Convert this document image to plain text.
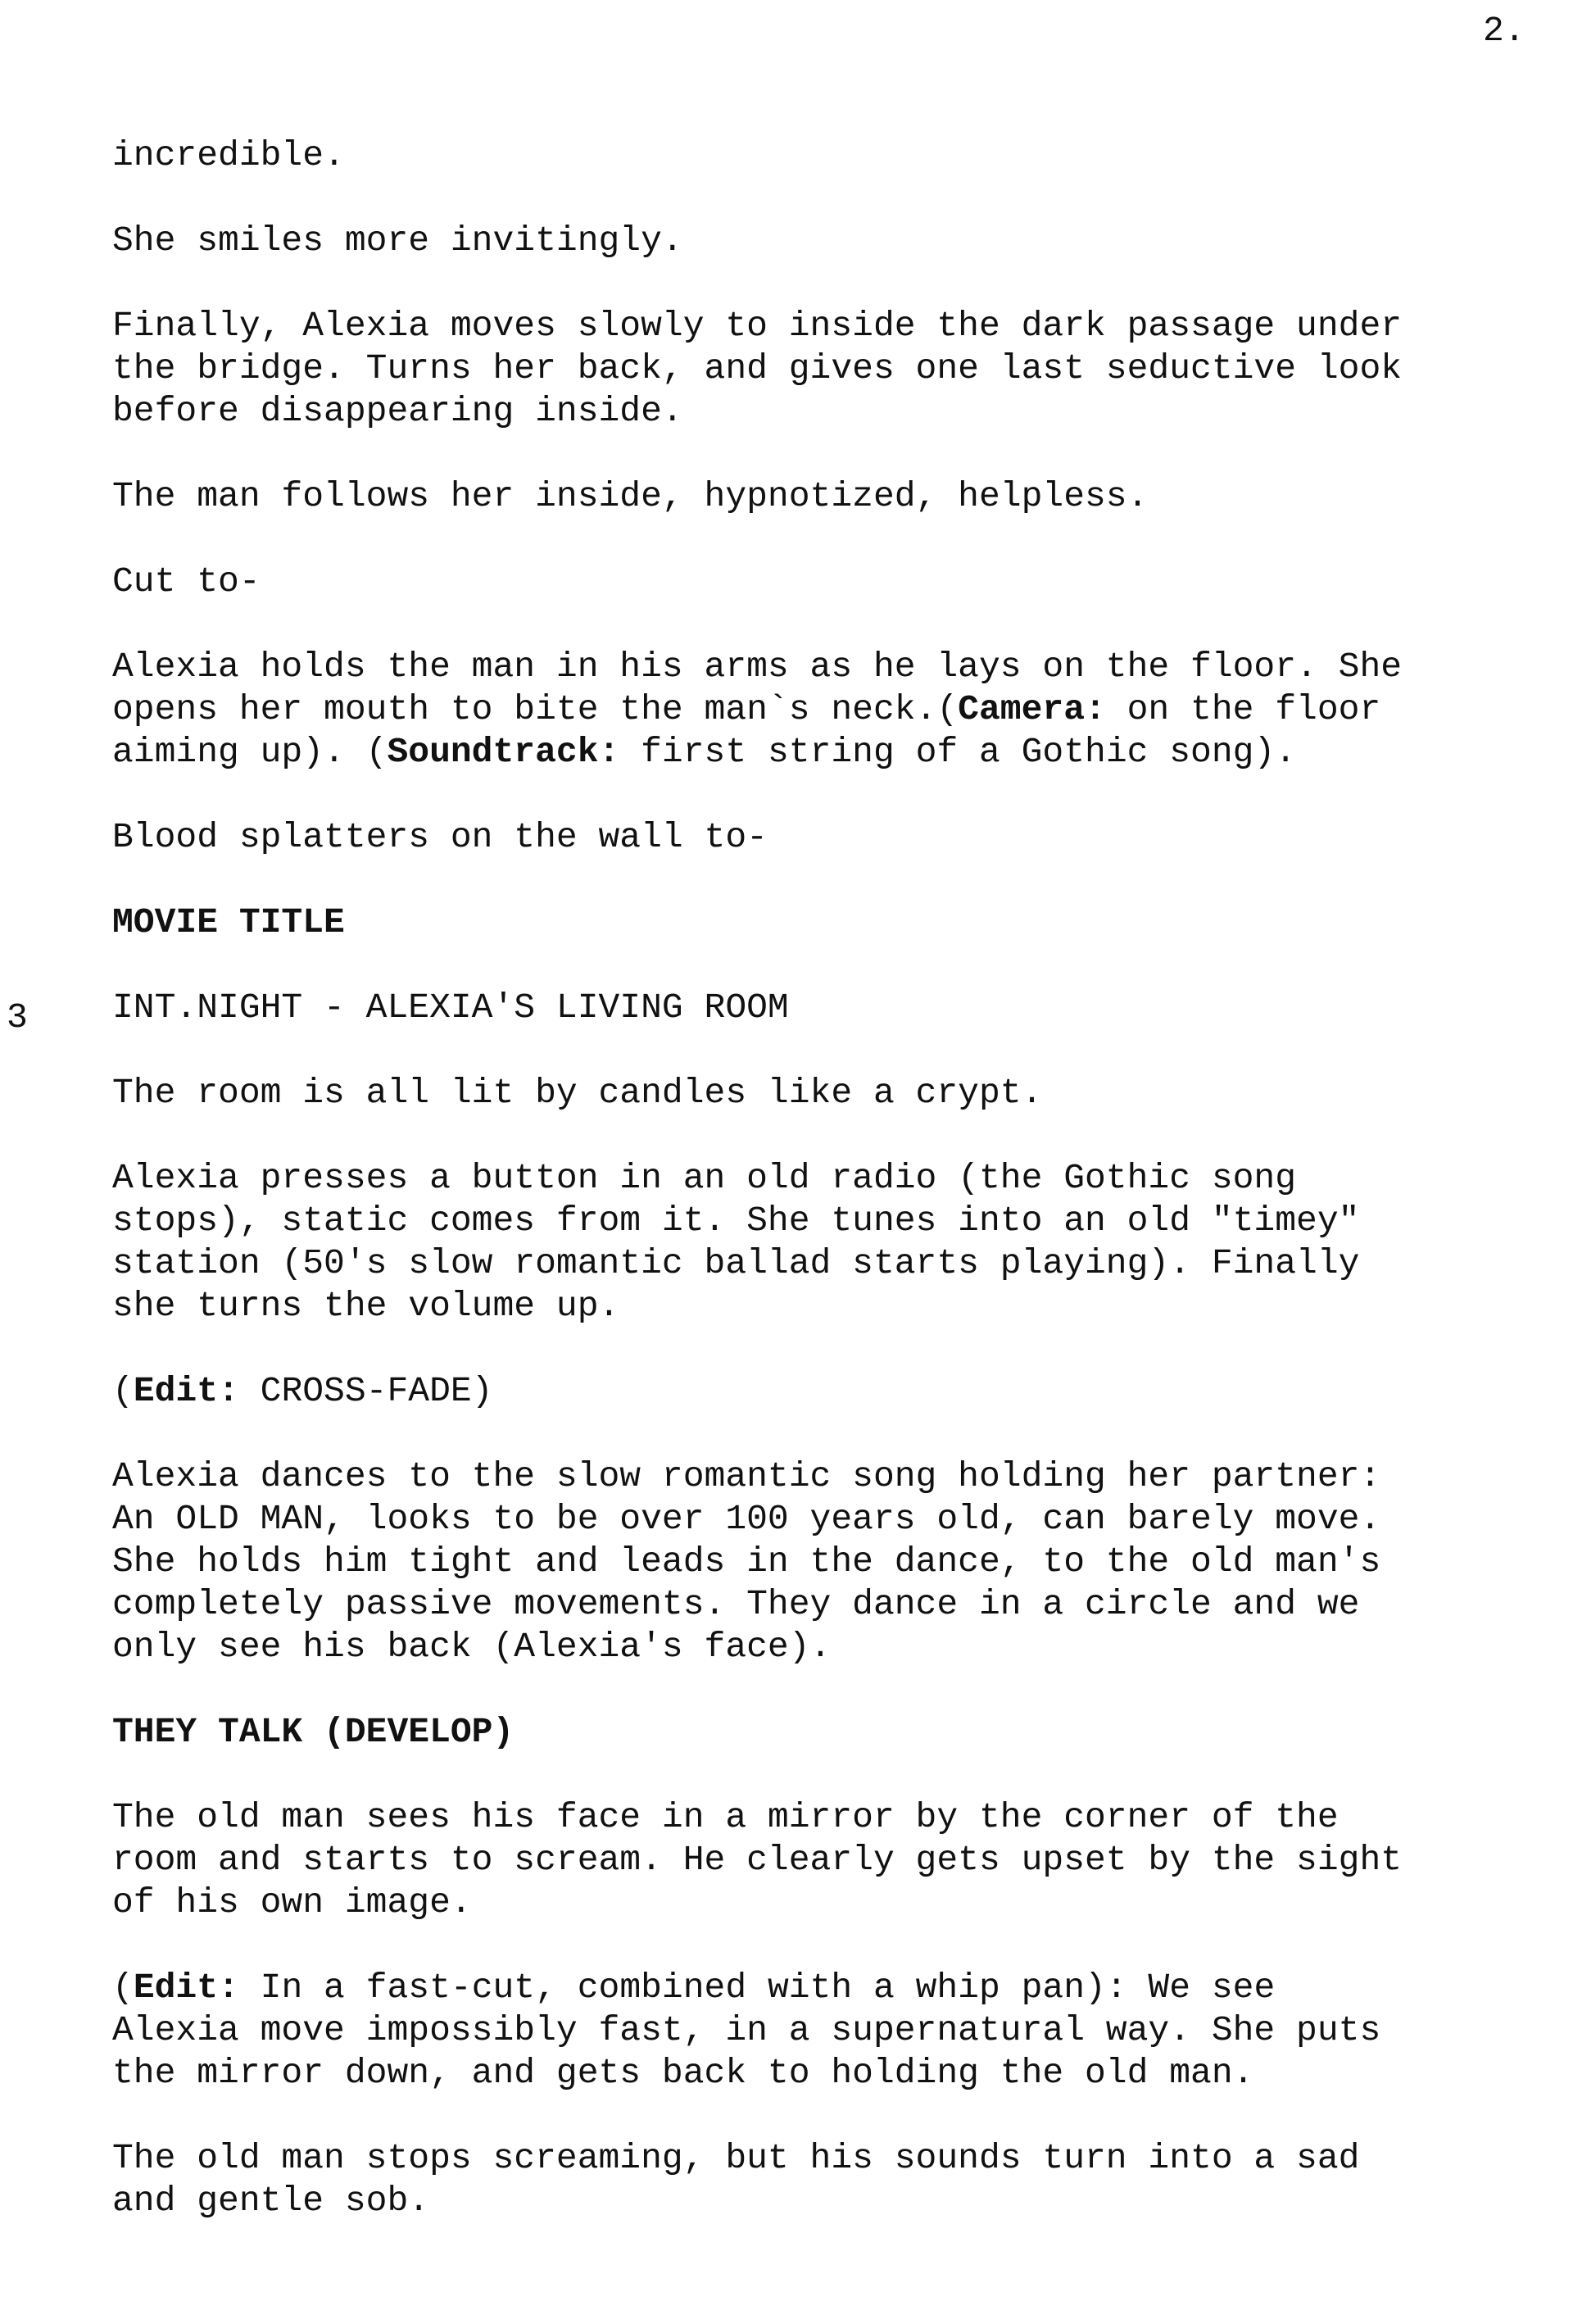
2.
3
incredible.
She smiles more invitingly.
Finally, Alexia moves slowly to inside the dark passage under
the bridge. Turns her back, and gives one last seductive look
before disappearing inside.
The man follows her inside, hypnotized, helpless.
Cut to-
Alexia holds the man in his arms as he lays on the floor. She
opens her mouth to bite the man`s neck.(Camera: on the floor
aiming up). (Soundtrack: first string of a Gothic song).
Blood splatters on the wall to-
MOVIE TITLE
INT.NIGHT - ALEXIA'S LIVING ROOM
The room is all lit by candles like a crypt.
Alexia presses a button in an old radio (the Gothic song
stops), static comes from it. She tunes into an old "timey"
station (50's slow romantic ballad starts playing). Finally
she turns the volume up.
(Edit: CROSS-FADE)
Alexia dances to the slow romantic song holding her partner:
An OLD MAN, looks to be over 100 years old, can barely move.
She holds him tight and leads in the dance, to the old man's
completely passive movements. They dance in a circle and we
only see his back (Alexia's face).
THEY TALK (DEVELOP)
The old man sees his face in a mirror by the corner of the
room and starts to scream. He clearly gets upset by the sight
of his own image.
(Edit: In a fast-cut, combined with a whip pan): We see
Alexia move impossibly fast, in a supernatural way. She puts
the mirror down, and gets back to holding the old man.
The old man stops screaming, but his sounds turn into a sad
and gentle sob.
